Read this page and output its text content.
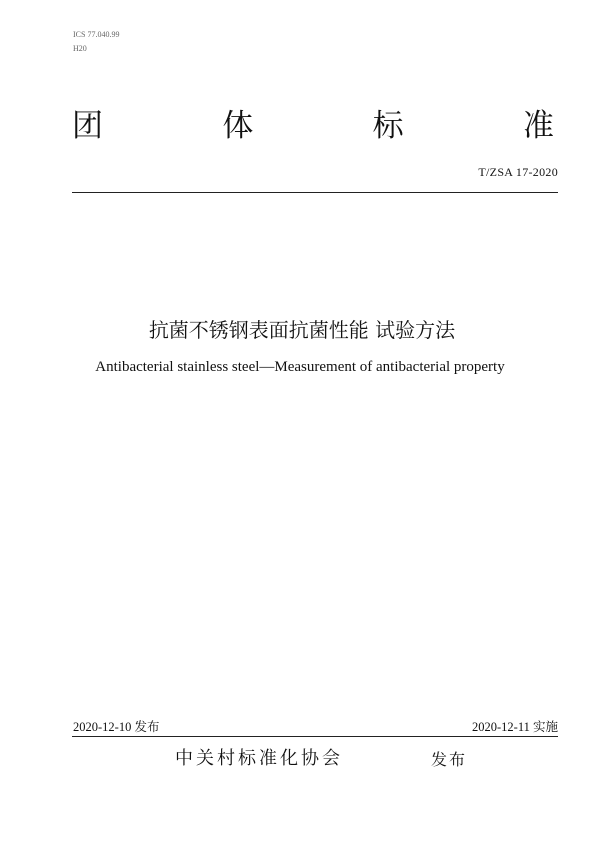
ICS 77.040.99
H20
团	体	标	准
T/ZSA 17-2020
抗菌不锈钢表面抗菌性能 试验方法
Antibacterial stainless steel—Measurement of antibacterial property
2020-12-10 发布	2020-12-11 实施
中关村标准化协会	发布
